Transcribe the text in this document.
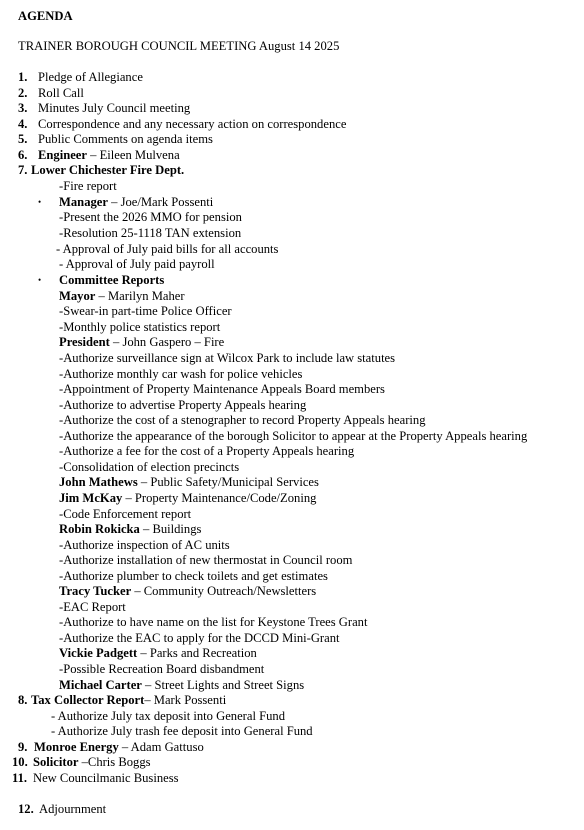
AGENDA
TRAINER BOROUGH COUNCIL MEETING August 14 2025
1. Pledge of Allegiance
2. Roll Call
3. Minutes July Council meeting
4. Correspondence and any necessary action on correspondence
5. Public Comments on agenda items
6. Engineer – Eileen Mulvena
7. Lower Chichester Fire Dept.
-Fire report
• Manager – Joe/Mark Possenti
-Present the 2026 MMO for pension
-Resolution 25-1118 TAN extension
- Approval of July paid bills for all accounts
- Approval of July paid payroll
• Committee Reports
Mayor – Marilyn Maher
-Swear-in part-time Police Officer
-Monthly police statistics report
President – John Gaspero – Fire
-Authorize surveillance sign at Wilcox Park to include law statutes
-Authorize monthly car wash for police vehicles
-Appointment of Property Maintenance Appeals Board members
-Authorize to advertise Property Appeals hearing
-Authorize the cost of a stenographer to record Property Appeals hearing
-Authorize the appearance of the borough Solicitor to appear at the Property Appeals hearing
-Authorize a fee for the cost of a Property Appeals hearing
-Consolidation of election precincts
John Mathews – Public Safety/Municipal Services
Jim McKay – Property Maintenance/Code/Zoning
-Code Enforcement report
Robin Rokicka – Buildings
-Authorize inspection of AC units
-Authorize installation of new thermostat in Council room
-Authorize plumber to check toilets and get estimates
Tracy Tucker – Community Outreach/Newsletters
-EAC Report
-Authorize to have name on the list for Keystone Trees Grant
-Authorize the EAC to apply for the DCCD Mini-Grant
Vickie Padgett – Parks and Recreation
-Possible Recreation Board disbandment
Michael Carter – Street Lights and Street Signs
8. Tax Collector Report– Mark Possenti
- Authorize July tax deposit into General Fund
- Authorize July trash fee deposit into General Fund
9. Monroe Energy – Adam Gattuso
10. Solicitor –Chris Boggs
11. New Councilmanic Business
12. Adjournment
